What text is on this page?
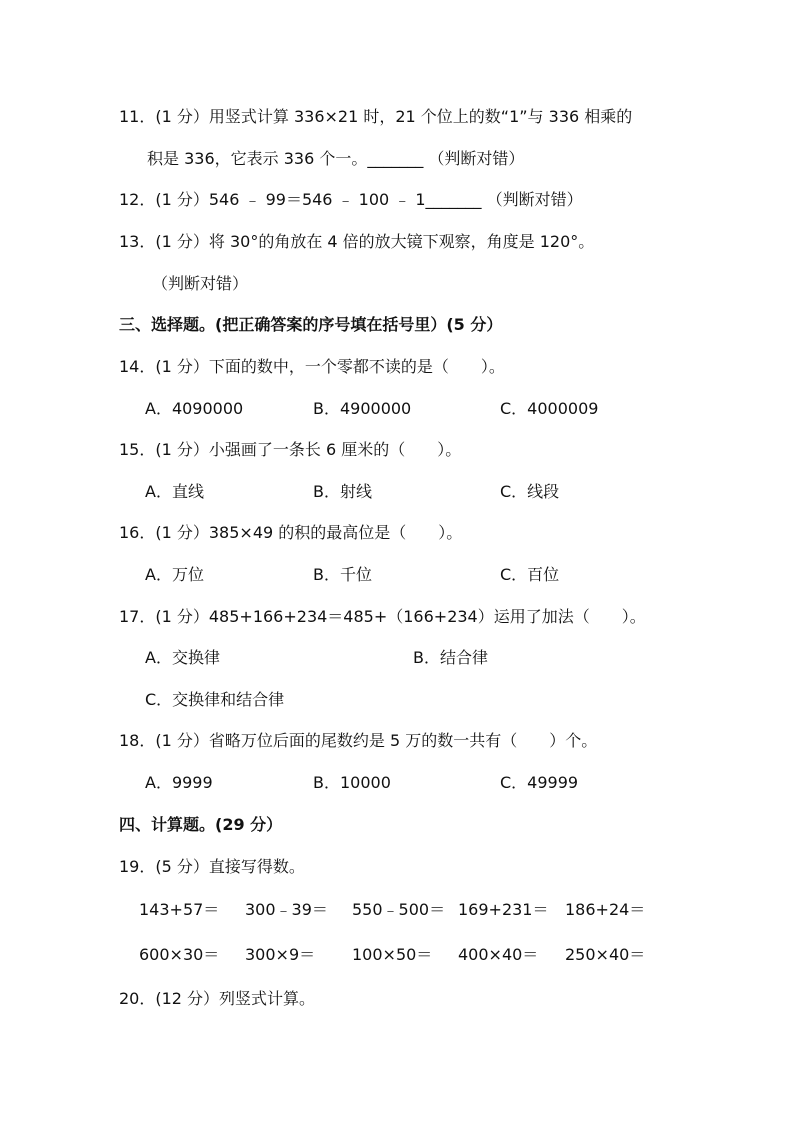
11．(1 分）用竖式计算 336×21 时，21 个位上的数“1”与 336 相乘的
积是 336，它表示 336 个一。_______ （判断对错）
12．(1 分）546 ﹣ 99＝546 ﹣ 100 ﹣ 1_______ （判断对错）
13．(1 分）将 30°的角放在 4 倍的放大镜下观察，角度是 120°。
（判断对错）
三、选择题。(把正确答案的序号填在括号里）(5 分）
14．(1 分）下面的数中，一个零都不读的是（　　）。
A．4090000	B．4900000	C．4000009
15．(1 分）小强画了一条长 6 厘米的（　　）。
A．直线	B．射线	C．线段
16．(1 分）385×49 的积的最高位是（　　）。
A．万位	B．千位	C．百位
17．(1 分）485+166+234＝485+（166+234）运用了加法（　　）。
A．交换律	B．结合律
C．交换律和结合律
18．(1 分）省略万位后面的尾数约是 5 万的数一共有（　　）个。
A．9999	B．10000	C．49999
四、计算题。(29 分）
19．(5 分）直接写得数。
143+57＝ 300﹣39＝ 550﹣500＝ 169+231＝ 186+24＝
600×30＝ 300×9＝ 100×50＝ 400×40＝ 250×40＝
20．(12 分）列竖式计算。
